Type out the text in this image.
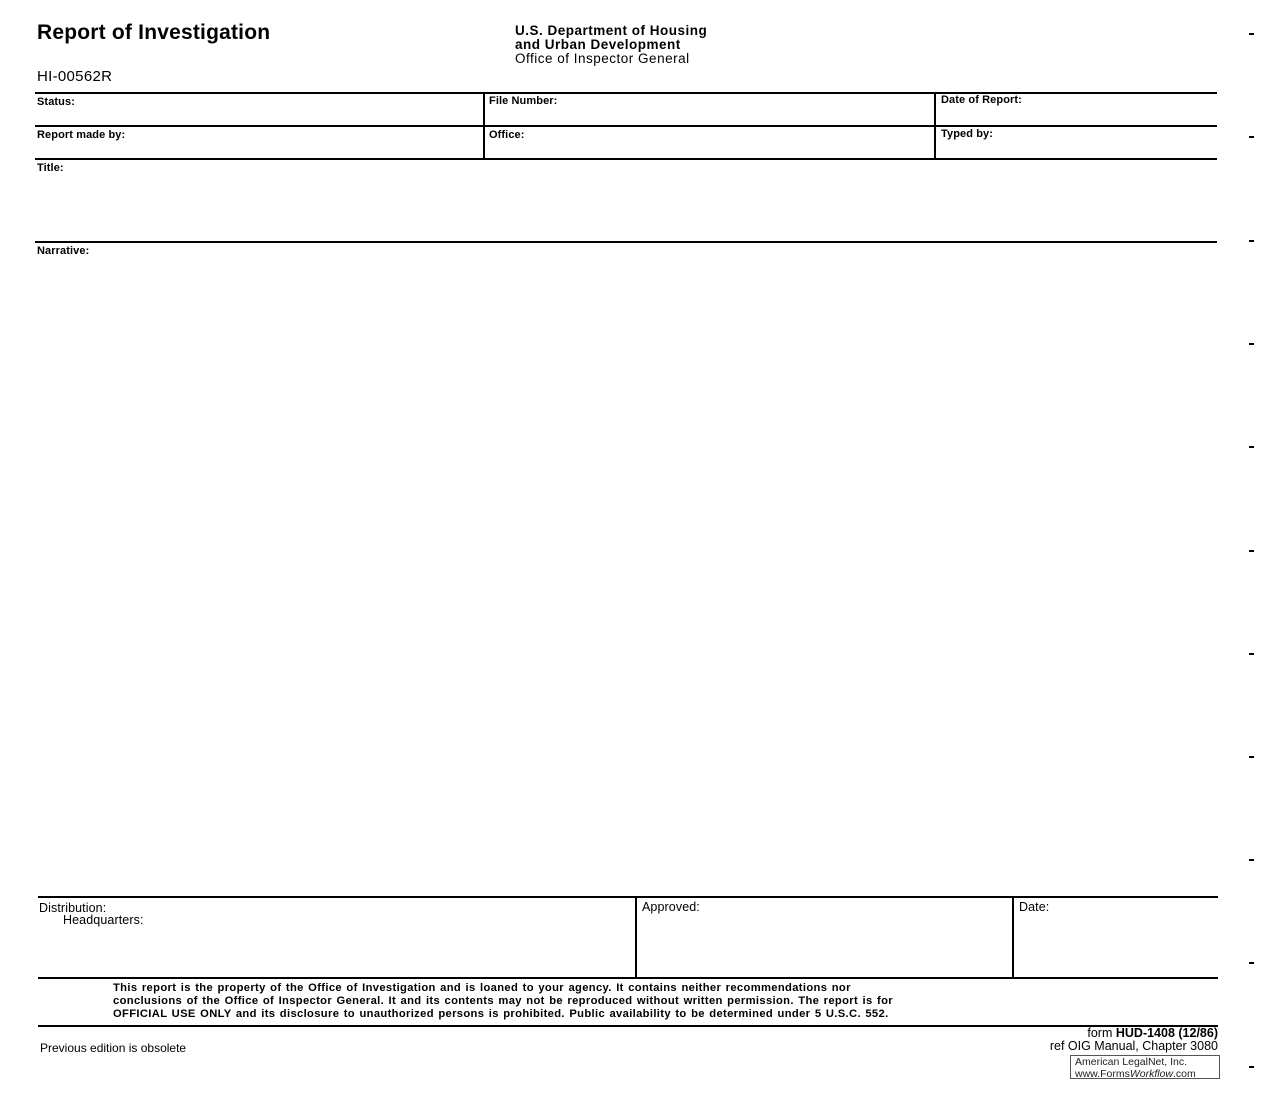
Report of Investigation
HI-00562R
U.S. Department of Housing
and Urban Development
Office of Inspector General
Status:	File Number:	Date of Report:
Report made by:	Office:	Typed by:
Title:
Narrative:
Distribution:
Headquarters:
Approved:	Date:
This report is the property of the Office of Investigation and is loaned to your agency. It contains neither recommendations nor
conclusions of the Office of Inspector General. It and its contents may not be reproduced without written permission. The report is for
OFFICIAL USE ONLY and its disclosure to unauthorized persons is prohibited. Public availability to be determined under 5 U.S.C. 552.
Previous edition is obsolete
form HUD-1408 (12/86)
ref OIG Manual, Chapter 3080
American LegalNet, Inc.
www.FormsWorkflow.com
